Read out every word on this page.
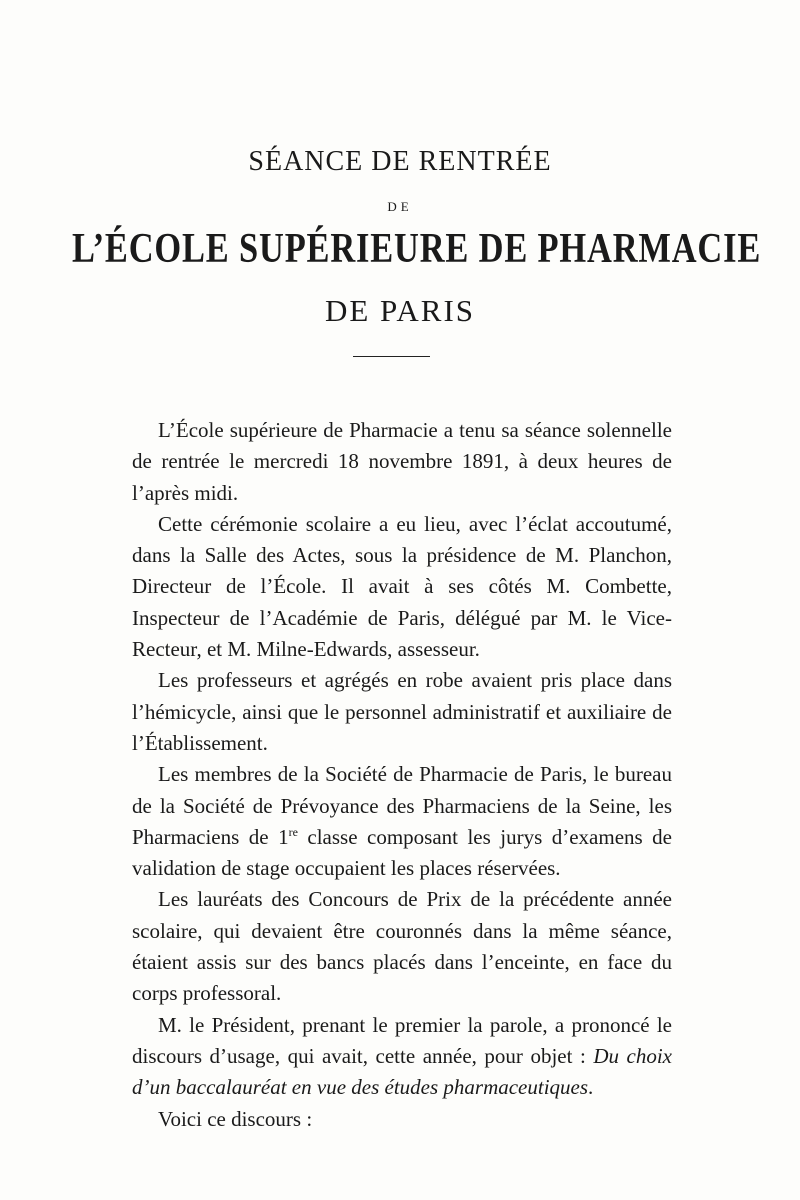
SÉANCE DE RENTRÉE
DE
L’ÉCOLE SUPÉRIEURE DE PHARMACIE
DE PARIS

L’École supérieure de Pharmacie a tenu sa séance solennelle de rentrée le mercredi 18 novembre 1891, à deux heures de l’après midi.

Cette cérémonie scolaire a eu lieu, avec l’éclat accoutumé, dans la Salle des Actes, sous la présidence de M. Planchon, Directeur de l’École. Il avait à ses côtés M. Combette, Inspecteur de l’Académie de Paris, délégué par M. le Vice-Recteur, et M. Milne-Edwards, assesseur.

Les professeurs et agrégés en robe avaient pris place dans l’hémicycle, ainsi que le personnel administratif et auxiliaire de l’Établissement.

Les membres de la Société de Pharmacie de Paris, le bureau de la Société de Prévoyance des Pharmaciens de la Seine, les Pharmaciens de 1re classe composant les jurys d’examens de validation de stage occupaient les places réservées.

Les lauréats des Concours de Prix de la précédente année scolaire, qui devaient être couronnés dans la même séance, étaient assis sur des bancs placés dans l’enceinte, en face du corps professoral.

M. le Président, prenant le premier la parole, a prononcé le discours d’usage, qui avait, cette année, pour objet : Du choix d’un baccalauréat en vue des études pharmaceutiques.

Voici ce discours :
